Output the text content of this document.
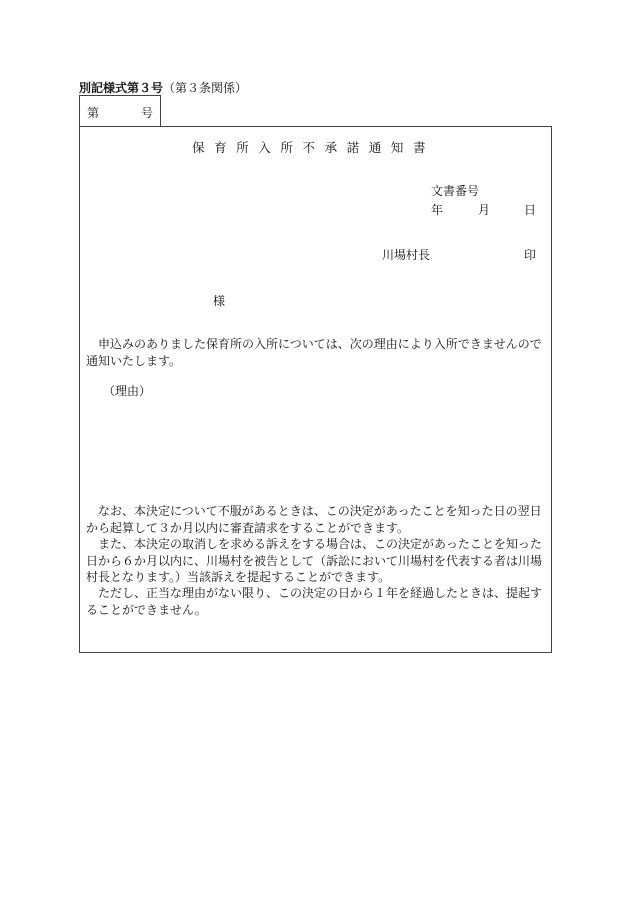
別記様式第３号（第３条関係）
第	号
保育所入所不承諾通知書
文書番号
年	月	日
川場村長	印
様

申込みのありました保育所の入所については、次の理由により入所できませんので通知いたします。

（理由）

なお、本決定について不服があるときは、この決定があったことを知った日の翌日から起算して３か月以内に審査請求をすることができます。

また、本決定の取消しを求める訴えをする場合は、この決定があったことを知った日から６か月以内に、川場村を被告として（訴訟において川場村を代表する者は川場村長となります。）当該訴えを提起することができます。

ただし、正当な理由がない限り、この決定の日から１年を経過したときは、提起することができません。
